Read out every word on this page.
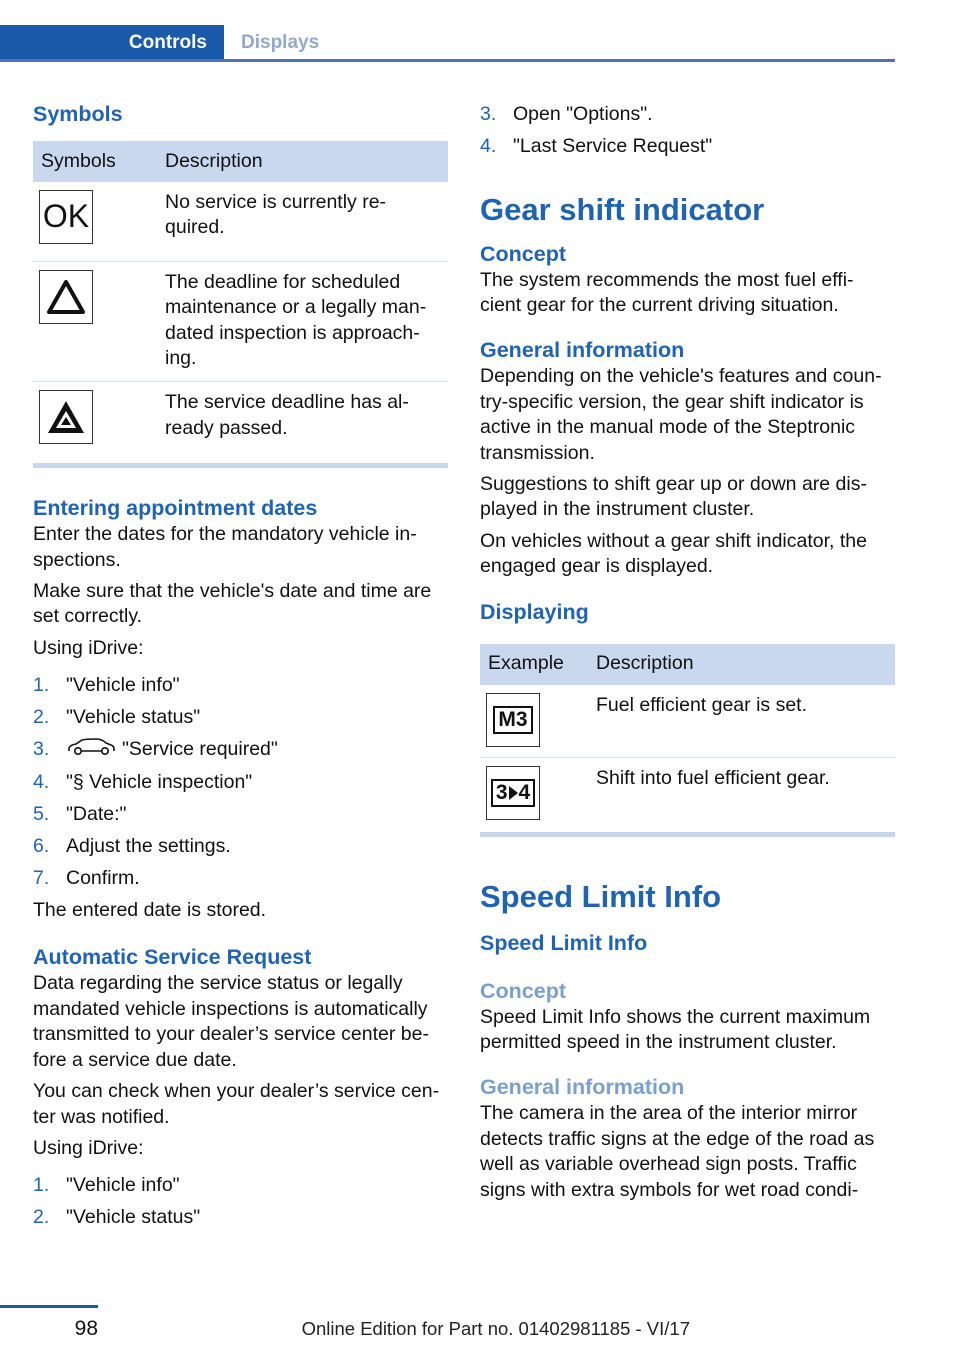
Controls Displays
Symbols
Symbols	Description

OK	No service is currently re- quired.

	The deadline for scheduled maintenance or a legally man- dated inspection is approach- ing.

	The service deadline has al- ready passed.
Entering appointment dates

Enter the dates for the mandatory vehicle in- spections.

Make sure that the vehicle's date and time are set correctly.

Using iDrive:

1. "Vehicle info"
2. "Vehicle status"
3.	"Service required"
4. "§ Vehicle inspection"
5. "Date:"
6. Adjust the settings.
7. Confirm.

The entered date is stored.

Automatic Service Request

Data regarding the service status or legally mandated vehicle inspections is automatically transmitted to your dealer’s service center be- fore a service due date.

You can check when your dealer’s service cen- ter was notified.

Using iDrive:

1. "Vehicle info"
2. "Vehicle status"
3. Open "Options".
4. "Last Service Request"
Gear shift indicator
Concept

The system recommends the most fuel effi- cient gear for the current driving situation.

General information

Depending on the vehicle's features and coun- try-specific version, the gear shift indicator is active in the manual mode of the Steptronic transmission.

Suggestions to shift gear up or down are dis- played in the instrument cluster.

On vehicles without a gear shift indicator, the engaged gear is displayed.

Displaying
Example	Description

M3	Fuel efficient gear is set.

3 4	Shift into fuel efficient gear.
Speed Limit Info
Speed Limit Info
Concept

Speed Limit Info shows the current maximum permitted speed in the instrument cluster.

General information

The camera in the area of the interior mirror detects traffic signs at the edge of the road as well as variable overhead sign posts. Traffic signs with extra symbols for wet road condi-

98	Online Edition for Part no. 01402981185 - VI/17
